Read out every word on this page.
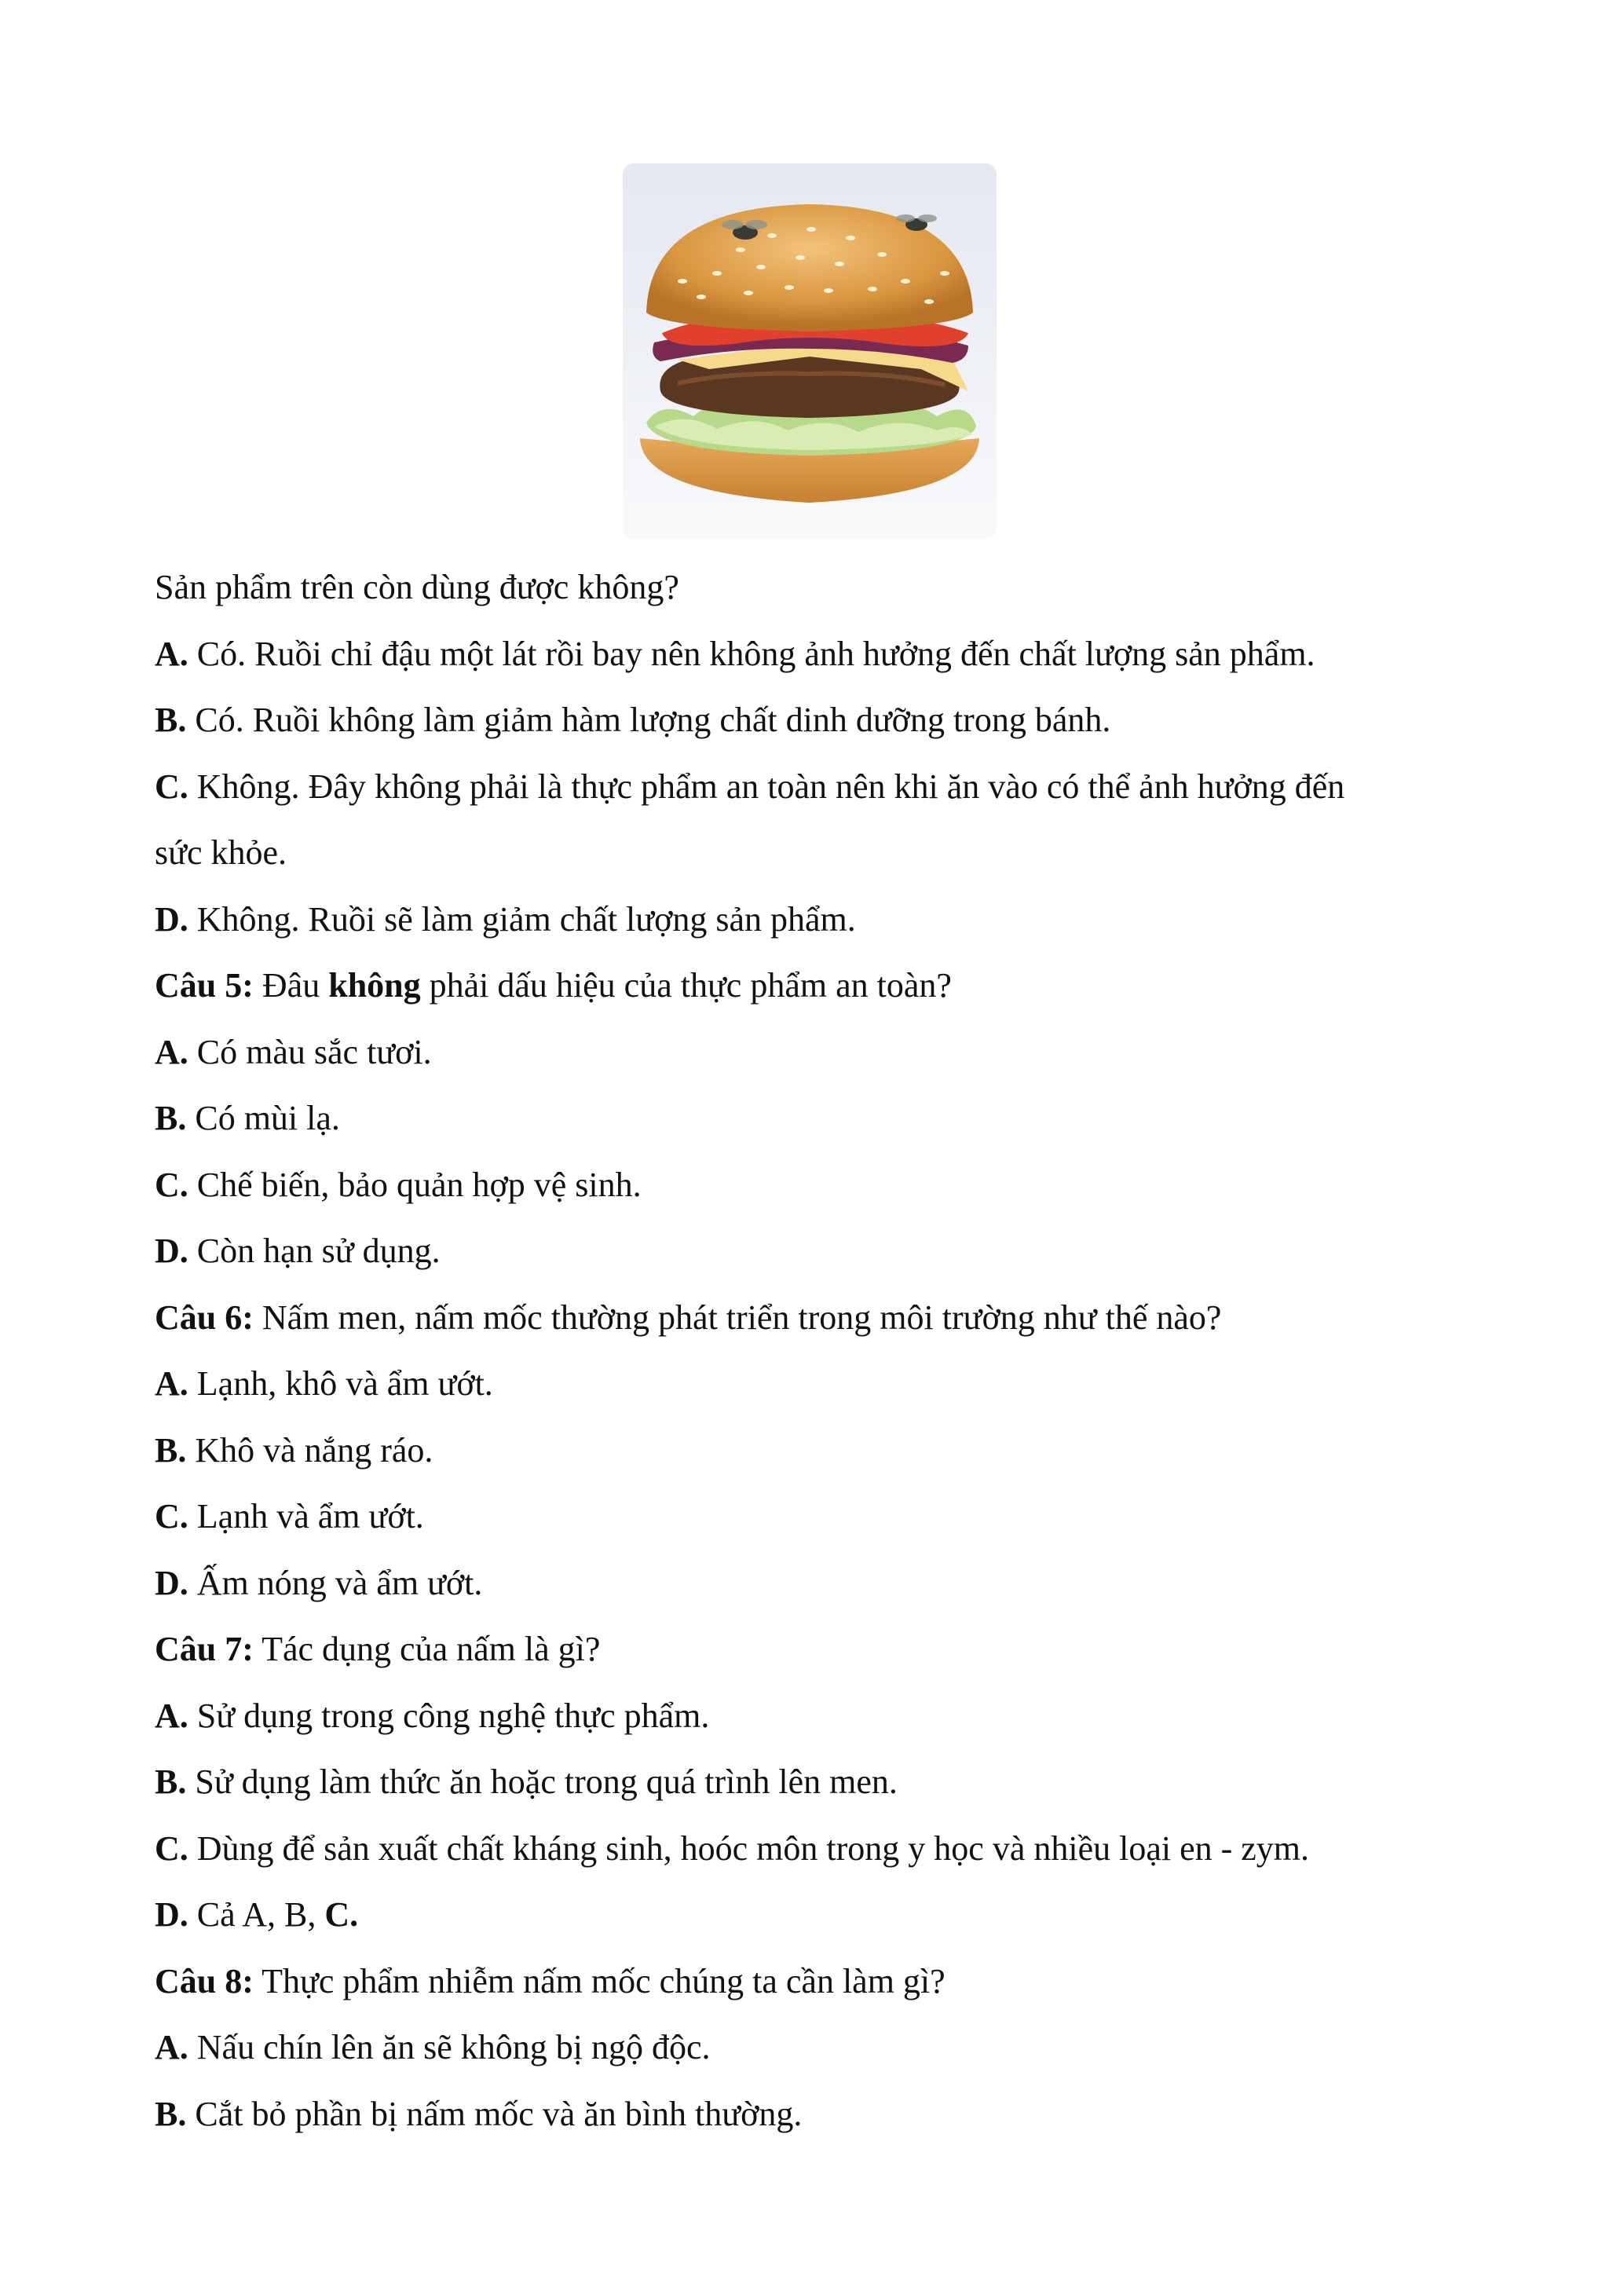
Sản phẩm trên còn dùng được không?
A. Có. Ruồi chỉ đậu một lát rồi bay nên không ảnh hưởng đến chất lượng sản phẩm.
B. Có. Ruồi không làm giảm hàm lượng chất dinh dưỡng trong bánh.
C. Không. Đây không phải là thực phẩm an toàn nên khi ăn vào có thể ảnh hưởng đến
sức khỏe.
D. Không. Ruồi sẽ làm giảm chất lượng sản phẩm.
Câu 5: Đâu không phải dấu hiệu của thực phẩm an toàn?
A. Có màu sắc tươi.
B. Có mùi lạ.
C. Chế biến, bảo quản hợp vệ sinh.
D. Còn hạn sử dụng.
Câu 6: Nấm men, nấm mốc thường phát triển trong môi trường như thế nào?
A. Lạnh, khô và ẩm ướt.
B. Khô và nắng ráo.
C. Lạnh và ẩm ướt.
D. Ấm nóng và ẩm ướt.
Câu 7: Tác dụng của nấm là gì?
A. Sử dụng trong công nghệ thực phẩm.
B. Sử dụng làm thức ăn hoặc trong quá trình lên men.
C. Dùng để sản xuất chất kháng sinh, hoóc môn trong y học và nhiều loại en - zym.
D. Cả A, B, C.
Câu 8: Thực phẩm nhiễm nấm mốc chúng ta cần làm gì?
A. Nấu chín lên ăn sẽ không bị ngộ độc.
B. Cắt bỏ phần bị nấm mốc và ăn bình thường.
